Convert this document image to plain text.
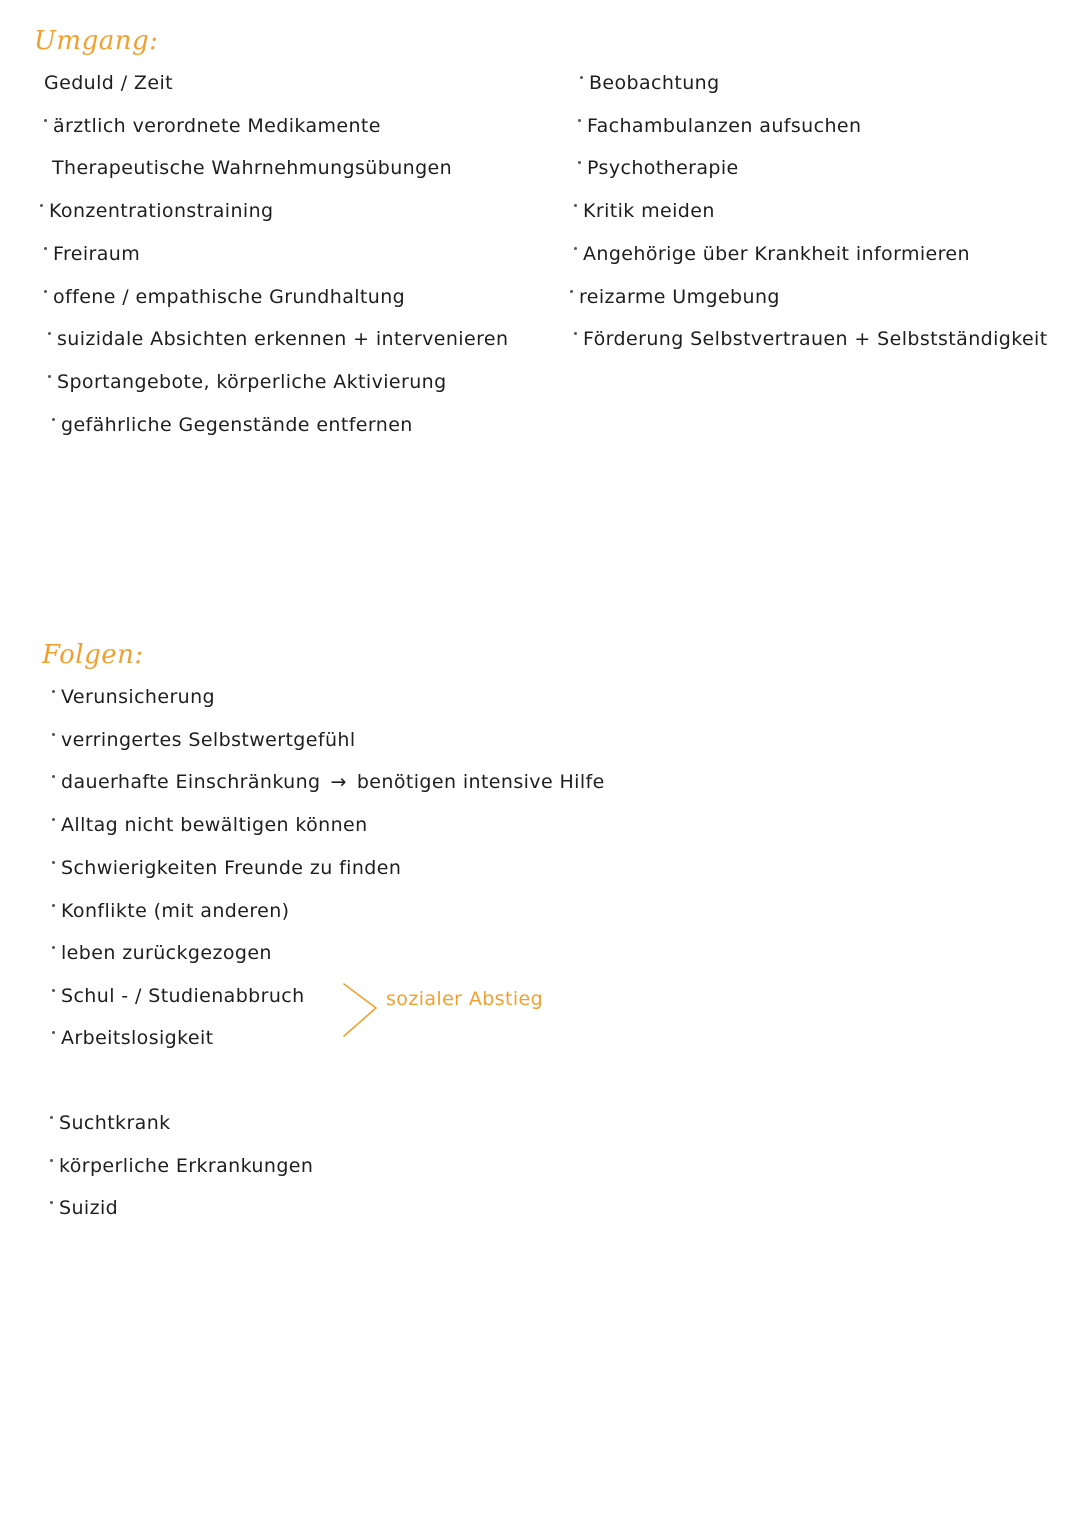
Umgang:
Geduld / Zeit
ärztlich verordnete Medikamente
Therapeutische Wahrnehmungsübungen
Konzentrationstraining
Freiraum
offene / empathische Grundhaltung
suizidale Absichten erkennen + intervenieren
Sportangebote, körperliche Aktivierung
gefährliche Gegenstände entfernen
Beobachtung
Fachambulanzen aufsuchen
Psychotherapie
Kritik meiden
Angehörige über Krankheit informieren
reizarme Umgebung
Förderung Selbstvertrauen + Selbstständigkeit
Folgen:
Verunsicherung
verringertes Selbstwertgefühl
dauerhafte Einschränkung → benötigen intensive Hilfe
Alltag nicht bewältigen können
Schwierigkeiten Freunde zu finden
Konflikte (mit anderen)
leben zurückgezogen
Schul - / Studienabbruch
Arbeitslosigkeit
sozialer Abstieg
Suchtkrank
körperliche Erkrankungen
Suizid
